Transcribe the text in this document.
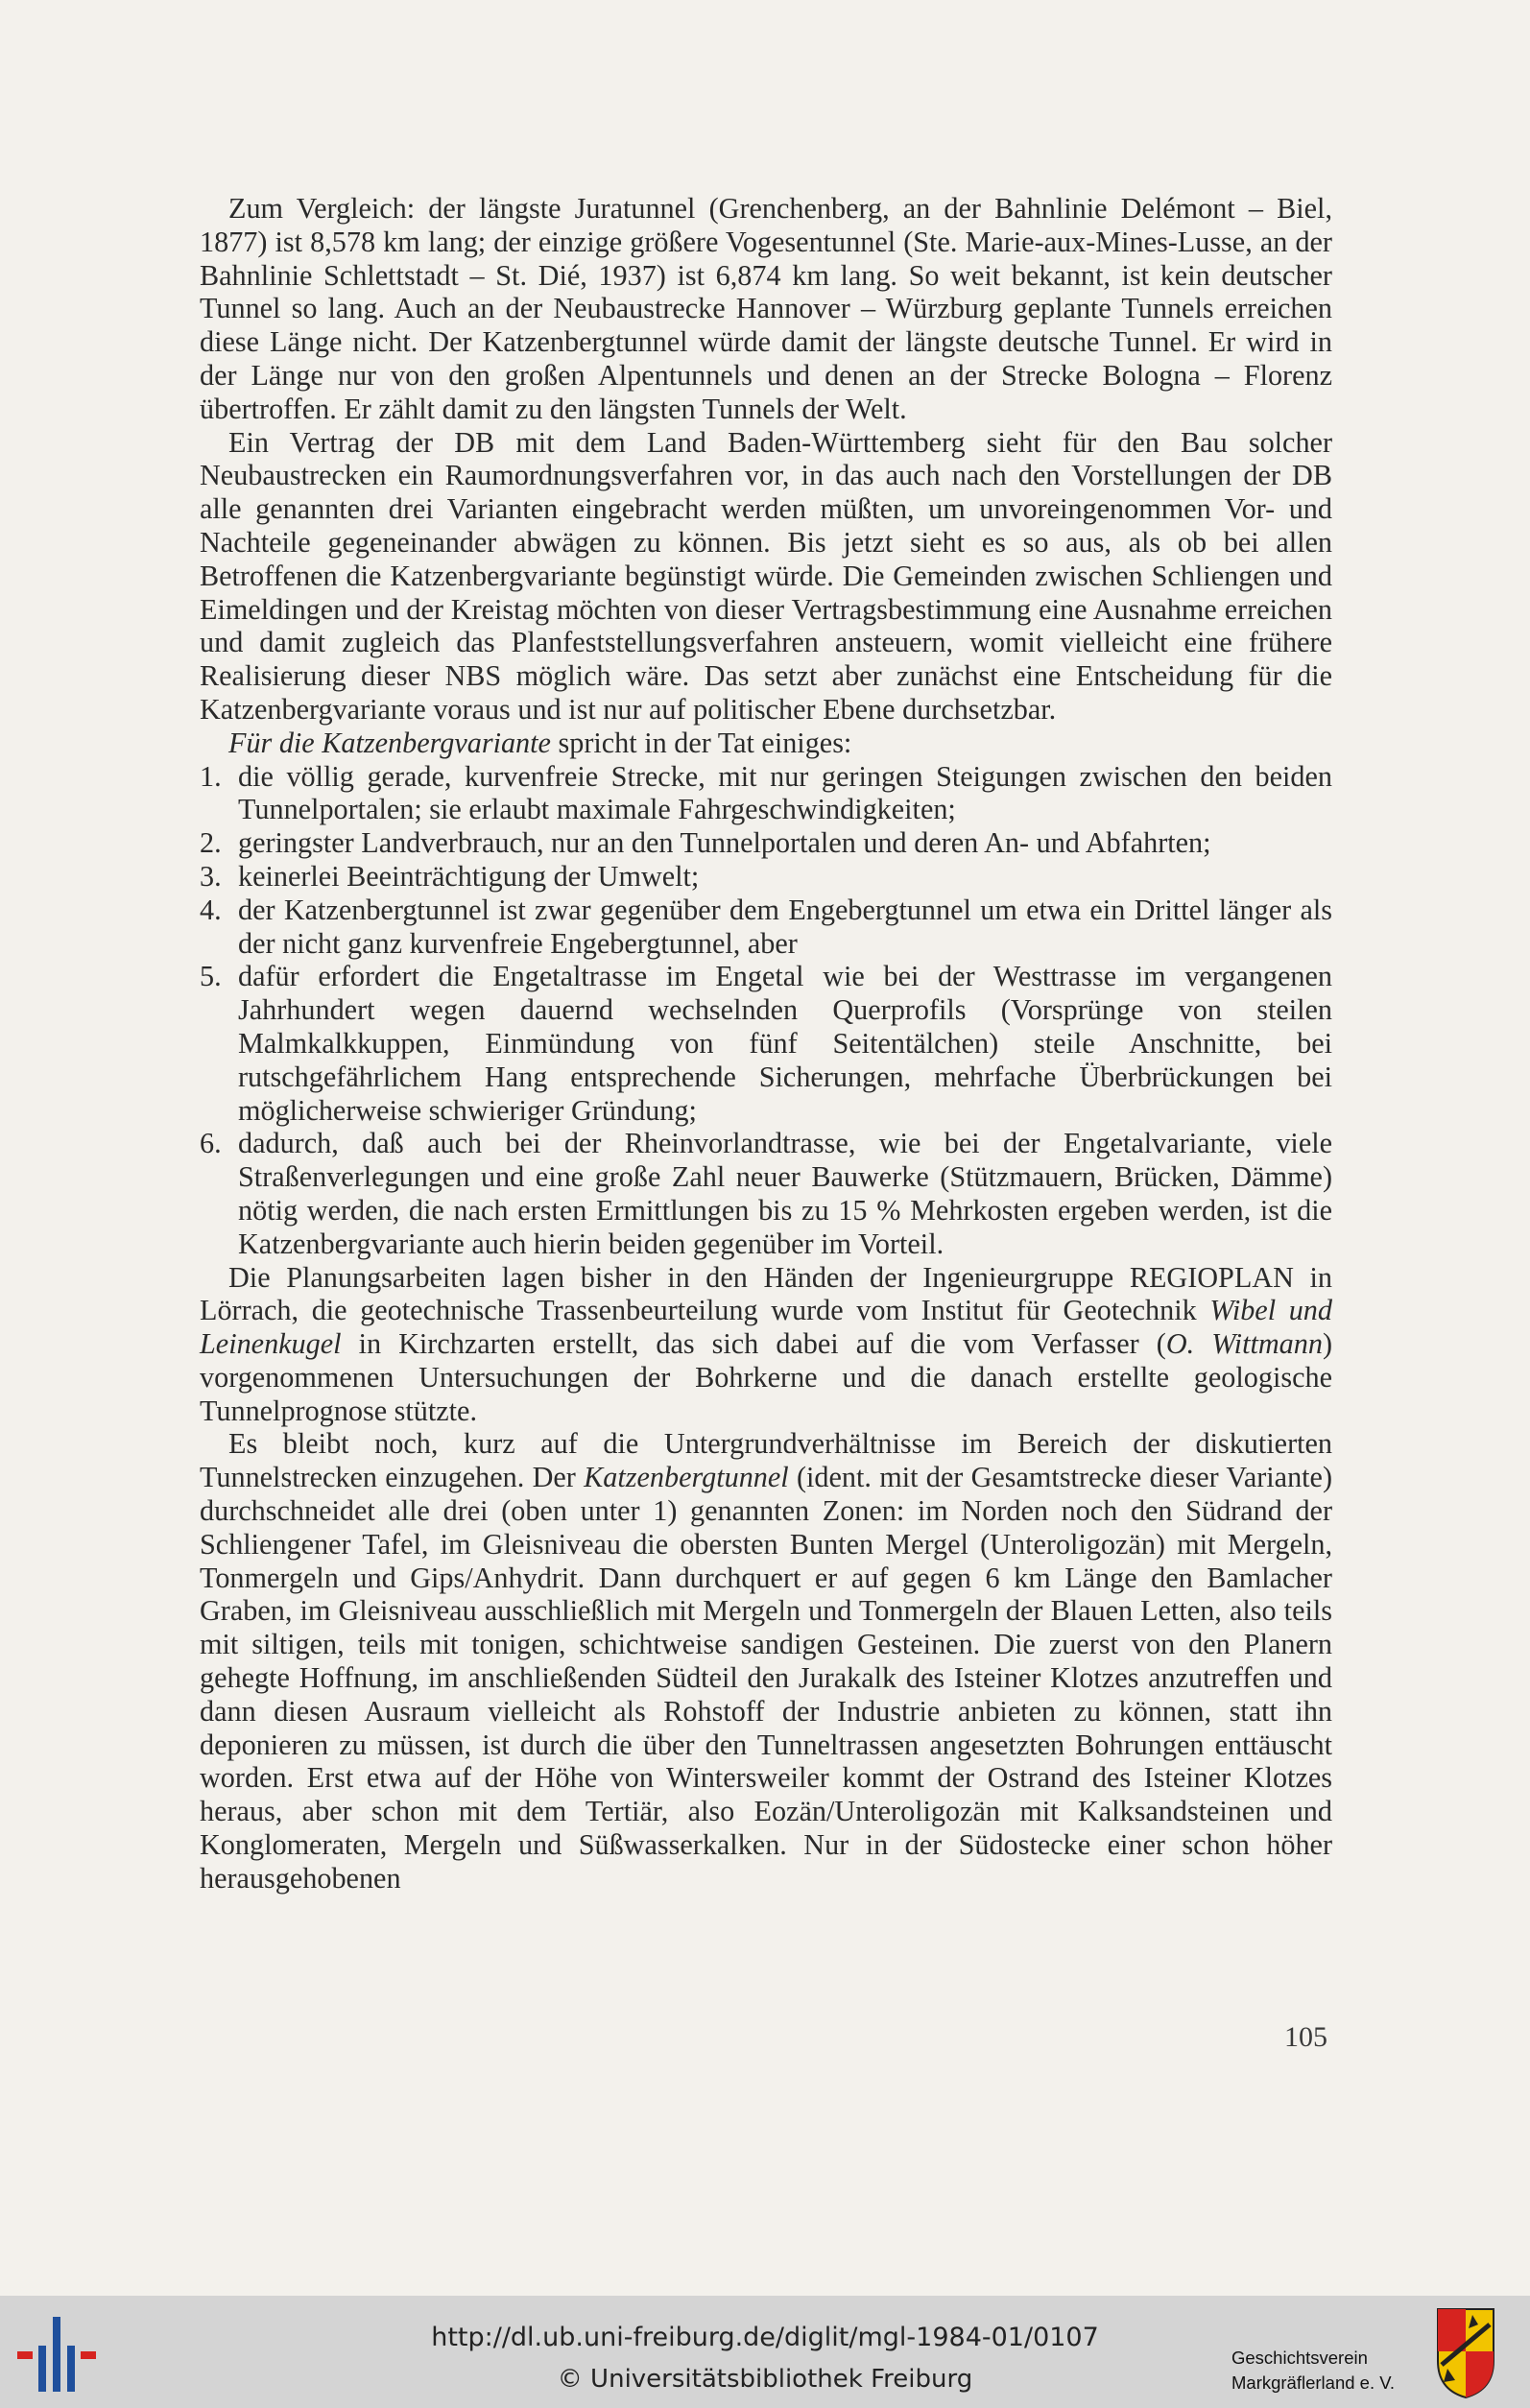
Zum Vergleich: der längste Juratunnel (Grenchenberg, an der Bahnlinie Delémont – Biel, 1877) ist 8,578 km lang; der einzige größere Vogesentunnel (Ste. Marie-aux-Mines-Lusse, an der Bahnlinie Schlettstadt – St. Dié, 1937) ist 6,874 km lang. So weit bekannt, ist kein deutscher Tunnel so lang. Auch an der Neubaustrecke Hannover – Würzburg geplante Tunnels erreichen diese Länge nicht. Der Katzenbergtunnel würde damit der längste deutsche Tunnel. Er wird in der Länge nur von den großen Alpentunnels und denen an der Strecke Bologna – Florenz übertroffen. Er zählt damit zu den längsten Tunnels der Welt.

Ein Vertrag der DB mit dem Land Baden-Württemberg sieht für den Bau solcher Neubaustrecken ein Raumordnungsverfahren vor, in das auch nach den Vorstellungen der DB alle genannten drei Varianten eingebracht werden müßten, um unvoreingenommen Vor- und Nachteile gegeneinander abwägen zu können. Bis jetzt sieht es so aus, als ob bei allen Betroffenen die Katzenbergvariante begünstigt würde. Die Gemeinden zwischen Schliengen und Eimeldingen und der Kreistag möchten von dieser Vertragsbestimmung eine Ausnahme erreichen und damit zugleich das Planfeststellungsverfahren ansteuern, womit vielleicht eine frühere Realisierung dieser NBS möglich wäre. Das setzt aber zunächst eine Entscheidung für die Katzenbergvariante voraus und ist nur auf politischer Ebene durchsetzbar.

Für die Katzenbergvariante spricht in der Tat einiges:

1. die völlig gerade, kurvenfreie Strecke, mit nur geringen Steigungen zwischen den beiden Tunnelportalen; sie erlaubt maximale Fahrgeschwindigkeiten;
2. geringster Landverbrauch, nur an den Tunnelportalen und deren An- und Abfahrten;
3. keinerlei Beeinträchtigung der Umwelt;
4. der Katzenbergtunnel ist zwar gegenüber dem Engebergtunnel um etwa ein Drittel länger als der nicht ganz kurvenfreie Engebergtunnel, aber
5. dafür erfordert die Engetaltrasse im Engetal wie bei der Westtrasse im vergangenen Jahrhundert wegen dauernd wechselnden Querprofils (Vorsprünge von steilen Malmkalkkuppen, Einmündung von fünf Seitentälchen) steile Anschnitte, bei rutschgefährlichem Hang entsprechende Sicherungen, mehrfache Überbrückungen bei möglicherweise schwieriger Gründung;
6. dadurch, daß auch bei der Rheinvorlandtrasse, wie bei der Engetalvariante, viele Straßenverlegungen und eine große Zahl neuer Bauwerke (Stützmauern, Brücken, Dämme) nötig werden, die nach ersten Ermittlungen bis zu 15 % Mehrkosten ergeben werden, ist die Katzenbergvariante auch hierin beiden gegenüber im Vorteil.

Die Planungsarbeiten lagen bisher in den Händen der Ingenieurgruppe REGIOPLAN in Lörrach, die geotechnische Trassenbeurteilung wurde vom Institut für Geotechnik Wibel und Leinenkugel in Kirchzarten erstellt, das sich dabei auf die vom Verfasser (O. Wittmann) vorgenommenen Untersuchungen der Bohrkerne und die danach erstellte geologische Tunnelprognose stützte.

Es bleibt noch, kurz auf die Untergrundverhältnisse im Bereich der diskutierten Tunnelstrecken einzugehen. Der Katzenbergtunnel (ident. mit der Gesamtstrecke dieser Variante) durchschneidet alle drei (oben unter 1) genannten Zonen: im Norden noch den Südrand der Schliengener Tafel, im Gleisniveau die obersten Bunten Mergel (Unteroligozän) mit Mergeln, Tonmergeln und Gips/Anhydrit. Dann durchquert er auf gegen 6 km Länge den Bamlacher Graben, im Gleisniveau ausschließlich mit Mergeln und Tonmergeln der Blauen Letten, also teils mit siltigen, teils mit tonigen, schichtweise sandigen Gesteinen. Die zuerst von den Planern gehegte Hoffnung, im anschließenden Südteil den Jurakalk des Isteiner Klotzes anzutreffen und dann diesen Ausraum vielleicht als Rohstoff der Industrie anbieten zu können, statt ihn deponieren zu müssen, ist durch die über den Tunneltrassen angesetzten Bohrungen enttäuscht worden. Erst etwa auf der Höhe von Wintersweiler kommt der Ostrand des Isteiner Klotzes heraus, aber schon mit dem Tertiär, also Eozän/Unteroligozän mit Kalksandsteinen und Konglomeraten, Mergeln und Süßwasserkalken. Nur in der Südostecke einer schon höher herausgehobenen

105
http://dl.ub.uni-freiburg.de/diglit/mgl-1984-01/0107
© Universitätsbibliothek Freiburg
Geschichtsverein
Markgräflerland e. V.
